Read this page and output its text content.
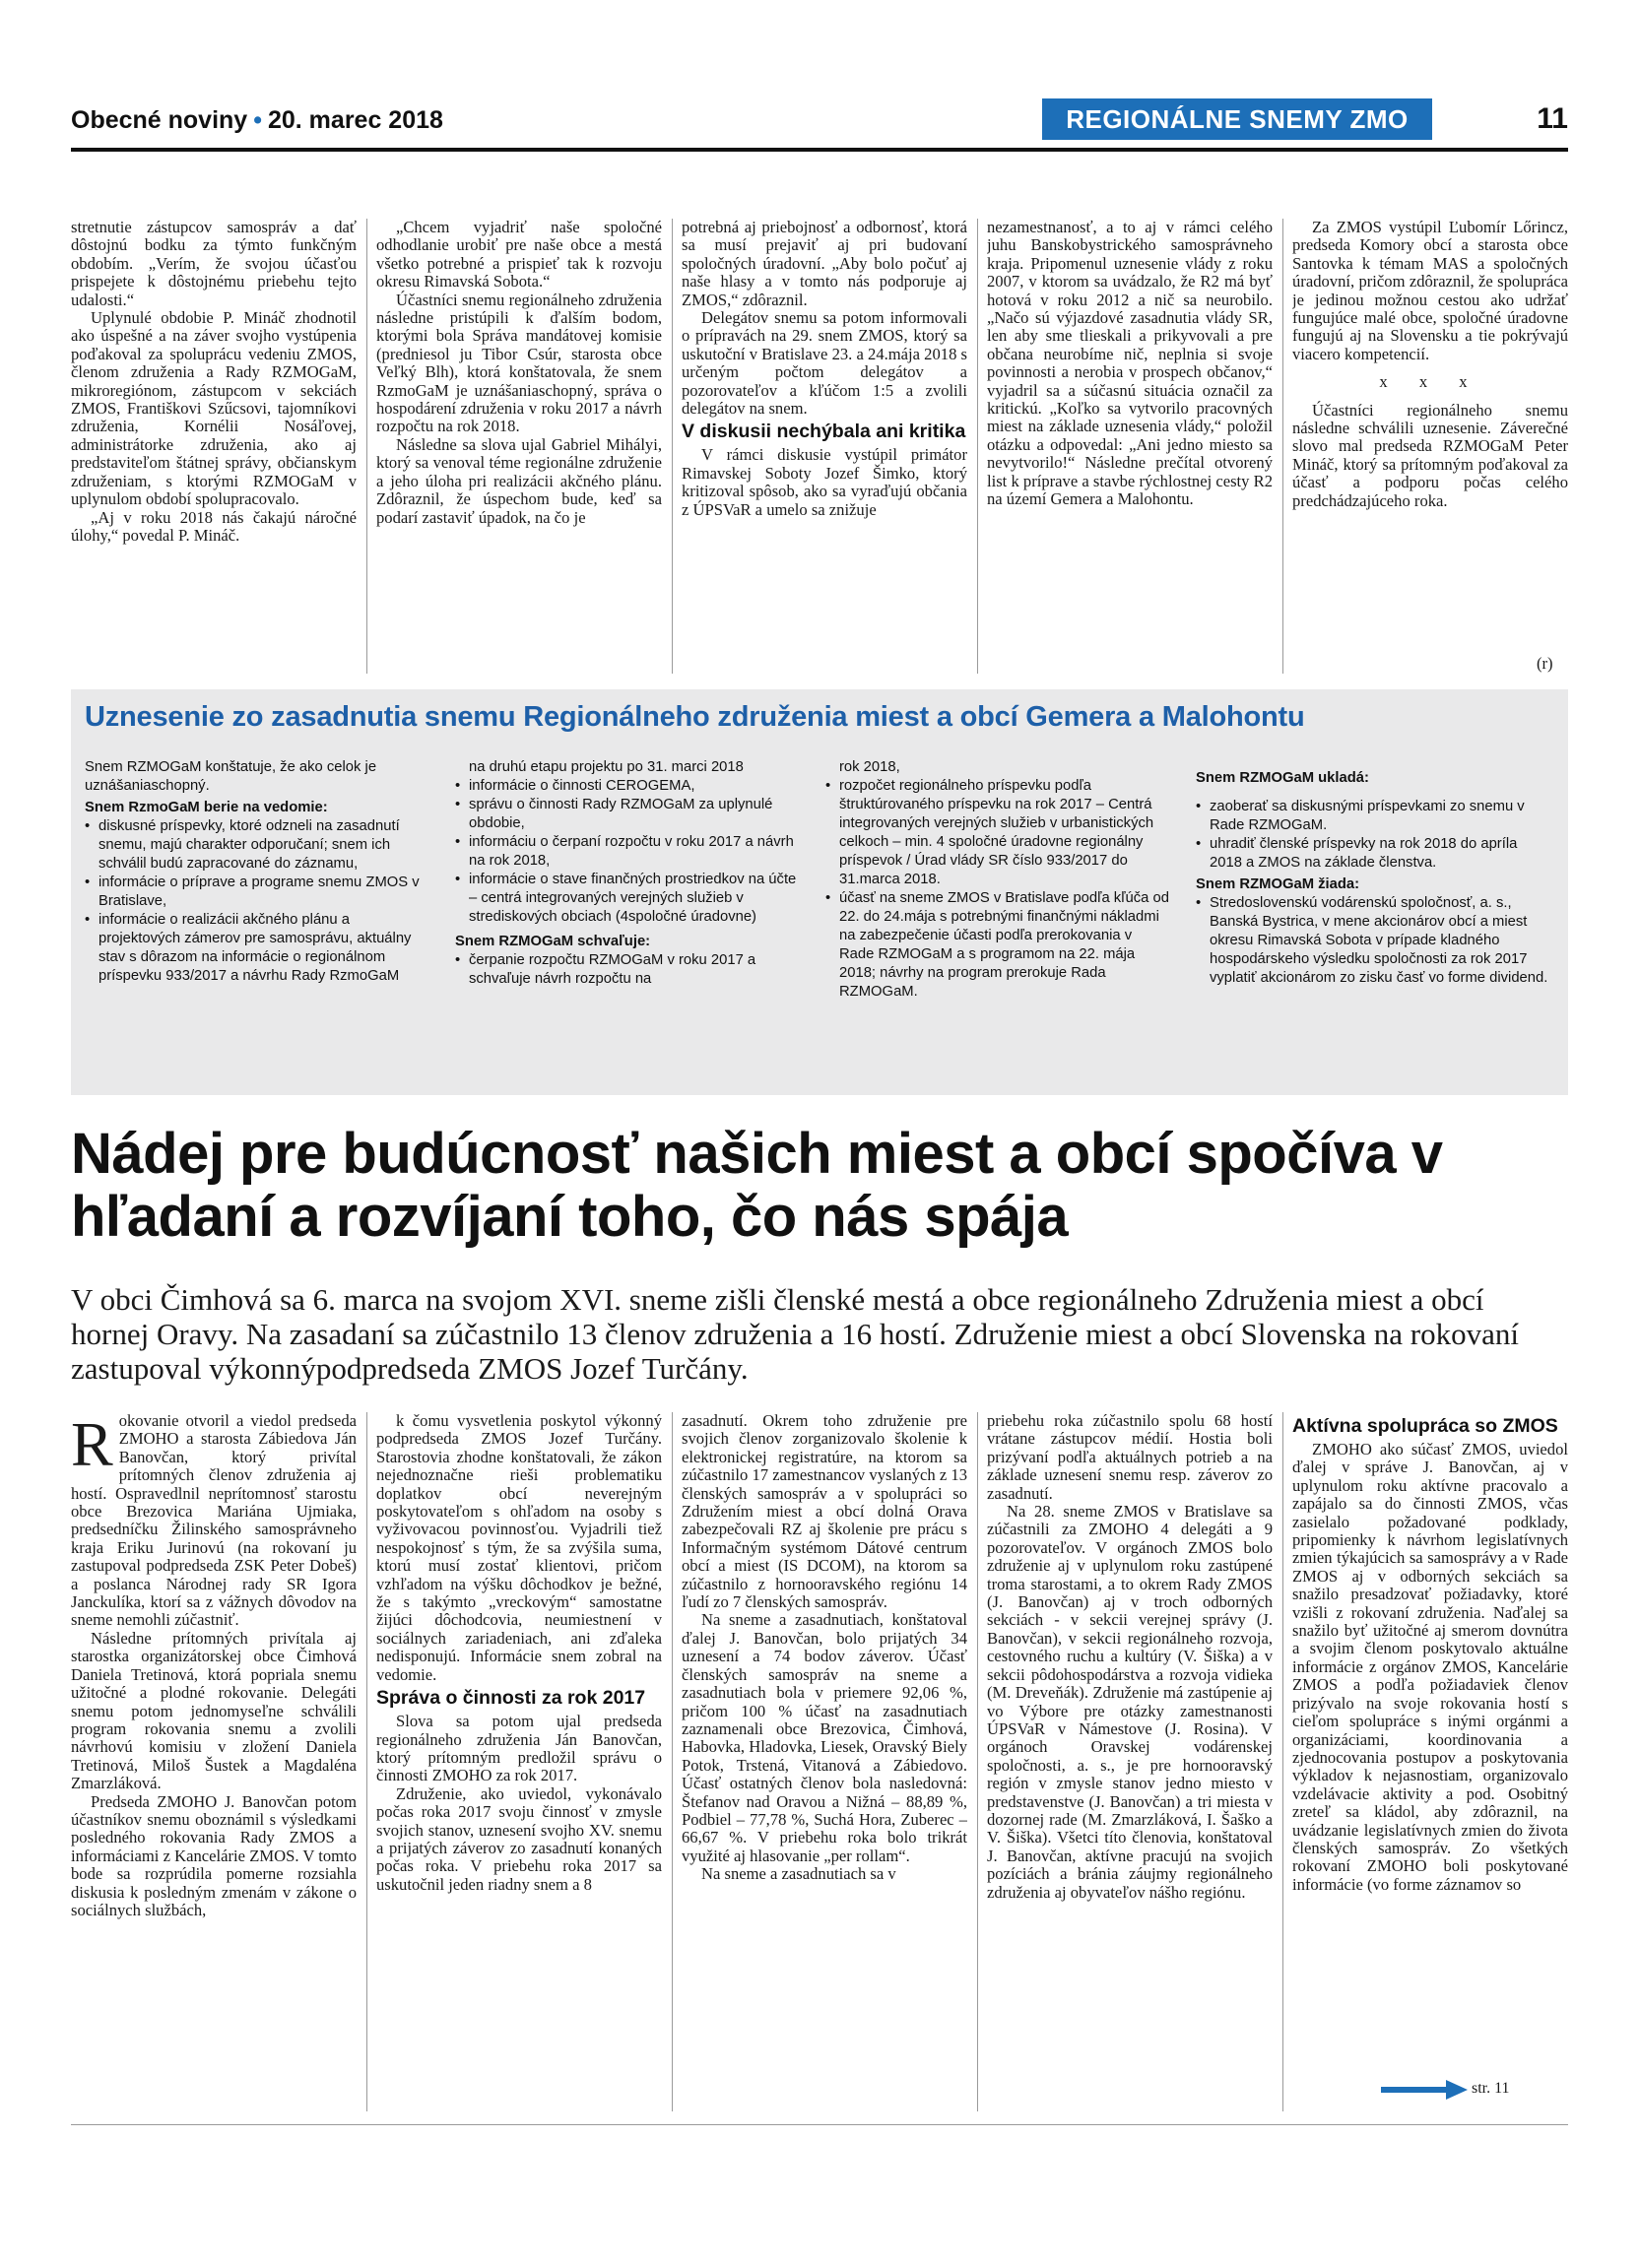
Obecné noviny • 20. marec 2018	REGIONÁLNE SNEMY ZMO	11

stretnutie zástupcov samospráv a dať dôstojnú bodku za týmto funkčným obdobím. „Verím, že svojou účasťou prispejete k dôstojnému priebehu tejto udalosti.“

Uplynulé obdobie P. Mináč zhodnotil ako úspešné a na záver svojho vystúpenia poďakoval za spoluprácu vedeniu ZMOS, členom združenia a Rady RZMOGaM, mikroregiónom, zástupcom v sekciách ZMOS, Františkovi Szűcsovi, tajomníkovi združenia, Kornélii Nosáľovej, administrátorke združenia, ako aj predstaviteľom štátnej správy, občianskym združeniam, s ktorými RZMOGaM v uplynulom období spolupracovalo.

„Aj v roku 2018 nás čakajú náročné úlohy,“ povedal P. Mináč.

„Chcem vyjadriť naše spoločné odhodlanie urobiť pre naše obce a mestá všetko potrebné a prispieť tak k rozvoju okresu Rimavská Sobota.“

Účastníci snemu regionálneho združenia následne pristúpili k ďalším bodom, ktorými bola Správa mandátovej komisie (predniesol ju Tibor Csúr, starosta obce Veľký Blh), ktorá konštatovala, že snem RzmoGaM je uznášaniaschopný, správa o hospodárení združenia v roku 2017 a návrh rozpočtu na rok 2018.

Následne sa slova ujal Gabriel Mihályi, ktorý sa venoval téme regionálne združenie a jeho úloha pri realizácii akčného plánu. Zdôraznil, že úspechom bude, keď sa podarí zastaviť úpadok, na čo je

potrebná aj priebojnosť a odbornosť, ktorá sa musí prejaviť aj pri budovaní spoločných úradovní. „Aby bolo počuť aj naše hlasy a v tomto nás podporuje aj ZMOS,“ zdôraznil.

Delegátov snemu sa potom informovali o prípravách na 29. snem ZMOS, ktorý sa uskutoční v Bratislave 23. a 24.mája 2018 s určeným počtom delegátov a pozorovateľov a kľúčom 1:5 a zvolili delegátov na snem.

V diskusii nechýbala ani kritika

V rámci diskusie vystúpil primátor Rimavskej Soboty Jozef Šimko, ktorý kritizoval spôsob, ako sa vyraďujú občania z ÚPSVaR a umelo sa znižuje

nezamestnanosť, a to aj v rámci celého juhu Banskobystrického samosprávneho kraja. Pripomenul uznesenie vlády z roku 2007, v ktorom sa uvádzalo, že R2 má byť hotová v roku 2012 a nič sa neurobilo. „Načo sú výjazdové zasadnutia vlády SR, len aby sme tlieskali a prikyvovali a pre občana neurobíme nič, neplnia si svoje povinnosti a nerobia v prospech občanov,“ vyjadril sa a súčasnú situácia označil za kritickú. „Koľko sa vytvorilo pracovných miest na základe uznesenia vlády,“ položil otázku a odpovedal: „Ani jedno miesto sa nevytvorilo!“ Následne prečítal otvorený list k príprave a stavbe rýchlostnej cesty R2 na území Gemera a Malohontu.

Za ZMOS vystúpil Ľubomír Lőrincz, predseda Komory obcí a starosta obce Santovka k témam MAS a spoločných úradovní, pričom zdôraznil, že spolupráca je jedinou možnou cestou ako udržať fungujúce malé obce, spoločné úradovne fungujú aj na Slovensku a tie pokrývajú viacero kompetencií.

x x x

Účastníci regionálneho snemu následne schválili uznesenie. Záverečné slovo mal predseda RZMOGaM Peter Mináč, ktorý sa prítomným poďakoval za účasť a podporu počas celého predchádzajúceho roka.

(r)
Uznesenie zo zasadnutia snemu Regionálneho združenia miest a obcí Gemera a Malohontu
Snem RZMOGaM konštatuje, že ako celok je uznášaniaschopný.
Snem RzmoGaM berie na vedomie:
• diskusné príspevky, ktoré odzneli na zasadnutí snemu, majú charakter odporučaní; snem ich schválil budú zapracované do záznamu,
• informácie o príprave a programe snemu ZMOS v Bratislave,
• informácie o realizácii akčného plánu a projektových zámerov pre samosprávu, aktuálny stav s dôrazom na informácie o regionálnom príspevku 933/2017 a návrhu Rady RzmoGaM
na druhú etapu projektu po 31. marci 2018
• informácie o činnosti CEROGEMA,
• správu o činnosti Rady RZMOGaM za uplynulé obdobie,
• informáciu o čerpaní rozpočtu v roku 2017 a návrh na rok 2018,
• informácie o stave finančných prostriedkov na účte – centrá integrovaných verejných služieb v strediskových obciach (4spoločné úradovne)
Snem RZMOGaM schvaľuje:
• čerpanie rozpočtu RZMOGaM v roku 2017 a schvaľuje návrh rozpočtu na
rok 2018,
• rozpočet regionálneho príspevku podľa štruktúrovaného príspevku na rok 2017 – Centrá integrovaných verejných služieb v urbanistických celkoch – min. 4 spoločné úradovne regionálny príspevok / Úrad vlády SR číslo 933/2017 do 31.marca 2018.
• účasť na sneme ZMOS v Bratislave podľa kľúča od 22. do 24.mája s potrebnými finančnými nákladmi na zabezpečenie účasti podľa prerokovania v Rade RZMOGaM a s programom na 22. mája 2018; návrhy na program prerokuje Rada RZMOGaM.
Snem RZMOGaM ukladá:
• zaoberať sa diskusnými príspevkami zo snemu v Rade RZMOGaM.
• uhradiť členské príspevky na rok 2018 do apríla 2018 a ZMOS na základe členstva.
Snem RZMOGaM žiada:
• Stredoslovenskú vodárenskú spoločnosť, a. s., Banská Bystrica, v mene akcionárov obcí a miest okresu Rimavská Sobota v prípade kladného hospodárskeho výsledku spoločnosti za rok 2017 vyplatiť akcionárom zo zisku časť vo forme dividend.
Nádej pre budúcnosť našich miest a obcí spočíva v hľadaní a rozvíjaní toho, čo nás spája
V obci Čimhová sa 6. marca na svojom XVI. sneme zišli členské mestá a obce regionálneho Združenia miest a obcí hornej Oravy. Na zasadaní sa zúčastnilo 13 členov združenia a 16 hostí. Združenie miest a obcí Slovenska na rokovaní zastupoval výkonnýpodpredseda ZMOS Jozef Turčány.

Rokovanie otvoril a viedol predseda ZMOHO a starosta Zábiedova Ján Banovčan, ktorý privítal prítomných členov združenia aj hostí. Ospravedlnil neprítomnosť starostu obce Brezovica Mariána Ujmiaka, predsedníčku Žilinského samosprávneho kraja Eriku Jurinovú (na rokovaní ju zastupoval podpredseda ZSK Peter Dobeš) a poslanca Národnej rady SR Igora Janckulíka, ktorí sa z vážnych dôvodov na sneme nemohli zúčastniť.

Následne prítomných privítala aj starostka organizátorskej obce Čimhová Daniela Tretinová, ktorá popriala snemu užitočné a plodné rokovanie. Delegáti snemu potom jednomyseľne schválili program rokovania snemu a zvolili návrhovú komisiu v zložení Daniela Tretinová, Miloš Šustek a Magdaléna Zmarzláková.

Predseda ZMOHO J. Banovčan potom účastníkov snemu oboznámil s výsledkami posledného rokovania Rady ZMOS a informáciami z Kancelárie ZMOS. V tomto bode sa rozprúdila pomerne rozsiahla diskusia k posledným zmenám v zákone o sociálnych službách,

k čomu vysvetlenia poskytol výkonný podpredseda ZMOS Jozef Turčány. Starostovia zhodne konštatovali, že zákon nejednoznačne rieši problematiku doplatkov obcí neverejným poskytovateľom s ohľadom na osoby s vyživovacou povinnosťou. Vyjadrili tiež nespokojnosť s tým, že sa zvýšila suma, ktorú musí zostať klientovi, pričom vzhľadom na výšku dôchodkov je bežné, že s takýmto „vreckovým“ samostatne žijúci dôchodcovia, neumiestnení v sociálnych zariadeniach, ani zďaleka nedisponujú. Informácie snem zobral na vedomie.

Správa o činnosti za rok 2017

Slova sa potom ujal predseda regionálneho združenia Ján Banovčan, ktorý prítomným predložil správu o činnosti ZMOHO za rok 2017.

Združenie, ako uviedol, vykonávalo počas roka 2017 svoju činnosť v zmysle svojich stanov, uznesení svojho XV. snemu a prijatých záverov zo zasadnutí konaných počas roka. V priebehu roka 2017 sa uskutočnil jeden riadny snem a 8

zasadnutí. Okrem toho združenie pre svojich členov zorganizovalo školenie k elektronickej registratúre, na ktorom sa zúčastnilo 17 zamestnancov vyslaných z 13 členských samospráv a v spolupráci so Združením miest a obcí dolná Orava zabezpečovali RZ aj školenie pre prácu s Informačným systémom Dátové centrum obcí a miest (IS DCOM), na ktorom sa zúčastnilo z hornooravského regiónu 14 ľudí zo 7 členských samospráv.

Na sneme a zasadnutiach, konštatoval ďalej J. Banovčan, bolo prijatých 34 uznesení a 74 bodov záverov. Účasť členských samospráv na sneme a zasadnutiach bola v priemere 92,06 %, pričom 100 % účasť na zasadnutiach zaznamenali obce Brezovica, Čimhová, Habovka, Hladovka, Liesek, Oravský Biely Potok, Trstená, Vitanová a Zábiedovo. Účasť ostatných členov bola nasledovná: Štefanov nad Oravou a Nižná – 88,89 %, Podbiel – 77,78 %, Suchá Hora, Zuberec – 66,67 %. V priebehu roka bolo trikrát využité aj hlasovanie „per rollam“.

Na sneme a zasadnutiach sa v

priebehu roka zúčastnilo spolu 68 hostí vrátane zástupcov médií. Hostia boli prizývaní podľa aktuálnych potrieb a na základe uznesení snemu resp. záverov zo zasadnutí.

Na 28. sneme ZMOS v Bratislave sa zúčastnili za ZMOHO 4 delegáti a 9 pozorovateľov. V orgánoch ZMOS bolo združenie aj v uplynulom roku zastúpené troma starostami, a to okrem Rady ZMOS (J. Banovčan) aj v troch odborných sekciách - v sekcii verejnej správy (J. Banovčan), v sekcii regionálneho rozvoja, cestovného ruchu a kultúry (V. Šiška) a v sekcii pôdohospodárstva a rozvoja vidieka (M. Dreveňák). Združenie má zastúpenie aj vo Výbore pre otázky zamestnanosti ÚPSVaR v Námestove (J. Rosina). V orgánoch Oravskej vodárenskej spoločnosti, a. s., je pre hornooravský región v zmysle stanov jedno miesto v predstavenstve (J. Banovčan) a tri miesta v dozornej rade (M. Zmarzláková, I. Šaško a V. Šiška). Všetci títo členovia, konštatoval J. Banovčan, aktívne pracujú na svojich pozíciách a bránia záujmy regionálneho združenia aj obyvateľov nášho regiónu.

Aktívna spolupráca so ZMOS

ZMOHO ako súčasť ZMOS, uviedol ďalej v správe J. Banovčan, aj v uplynulom roku aktívne pracovalo a zapájalo sa do činnosti ZMOS, včas zasielalo požadované podklady, pripomienky k návrhom legislatívnych zmien týkajúcich sa samosprávy a v Rade ZMOS aj v odborných sekciách sa snažilo presadzovať požiadavky, ktoré vzišli z rokovaní združenia. Naďalej sa snažilo byť užitočné aj smerom dovnútra a svojim členom poskytovalo aktuálne informácie z orgánov ZMOS, Kancelárie ZMOS a podľa požiadaviek členov prizývalo na svoje rokovania hostí s cieľom spolupráce s inými orgánmi a organizáciami, koordinovania a zjednocovania postupov a poskytovania výkladov k nejasnostiam, organizovalo vzdelávacie aktivity a pod. Osobitný zreteľ sa kládol, aby zdôraznil, na uvádzanie legislatívnych zmien do života členských samospráv. Zo všetkých rokovaní ZMOHO boli poskytované informácie (vo forme záznamov so

str. 11
